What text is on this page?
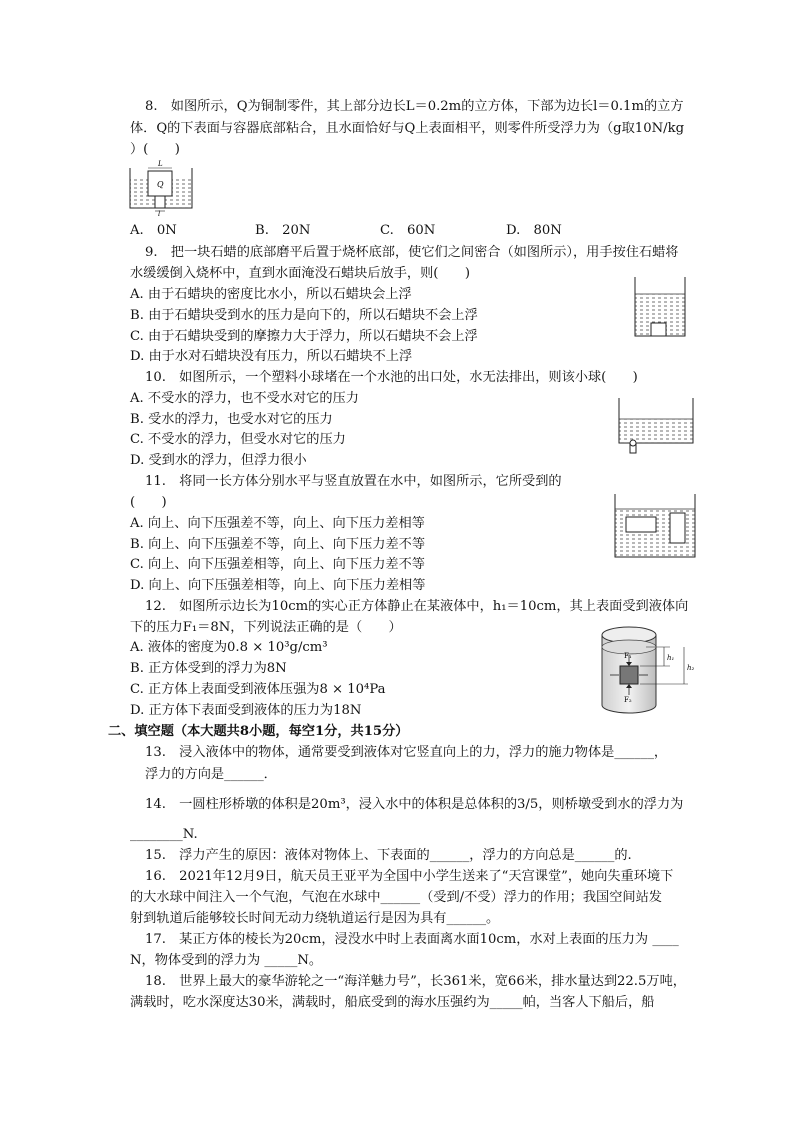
8.　如图所示，Q为铜制零件，其上部分边长L＝0.2m的立方体，下部为边长l＝0.1m的立方
体．Q的下表面与容器底部粘合，且水面恰好与Q上表面相平，则零件所受浮力为（g取10N/kg
）(　　)
Q
L
l
A.　0N	B.　20N	C.　60N	D.　80N
9.　把一块石蜡的底部磨平后置于烧杯底部，使它们之间密合（如图所示），用手按住石蜡将
水缓缓倒入烧杯中，直到水面淹没石蜡块后放手，则(　　)
A. 由于石蜡块的密度比水小，所以石蜡块会上浮
B. 由于石蜡块受到水的压力是向下的，所以石蜡块不会上浮
C. 由于石蜡块受到的摩擦力大于浮力，所以石蜡块不会上浮
D. 由于水对石蜡块没有压力，所以石蜡块不上浮
10.　如图所示，一个塑料小球堵在一个水池的出口处，水无法排出，则该小球(　　)
A. 不受水的浮力，也不受水对它的压力
B. 受水的浮力，也受水对它的压力
C. 不受水的浮力，但受水对它的压力
D. 受到水的浮力，但浮力很小
11.　将同一长方体分别水平与竖直放置在水中，如图所示，它所受到的
(　　)
A. 向上、向下压强差不等，向上、向下压力差相等
B. 向上、向下压强差不等，向上、向下压力差不等
C. 向上、向下压强差相等，向上、向下压力差不等
D. 向上、向下压强差相等，向上、向下压力差相等
12.　如图所示边长为10cm的实心正方体静止在某液体中，h₁＝10cm，其上表面受到液体向
下的压力F₁＝8N，下列说法正确的是（　　）
A. 液体的密度为0.8 × 10³g/cm³
B. 正方体受到的浮力为8N
C. 正方体上表面受到液体压强为8 × 10⁴Pa
D. 正方体下表面受到液体的压力为18N
F₁
F₂
h₁
h₂
二、填空题（本大题共8小题，每空1分，共15分）
13.　浸入液体中的物体，通常要受到液体对它竖直向上的力，浮力的施力物体是______，
浮力的方向是______．
14.　一圆柱形桥墩的体积是20m³，浸入水中的体积是总体积的3/5，则桥墩受到水的浮力为
________N.
15.　浮力产生的原因：液体对物体上、下表面的______，浮力的方向总是______的.
16.　2021年12月9日，航天员王亚平为全国中小学生送来了“天宫课堂”，她向失重环境下
的大水球中间注入一个气泡，气泡在水球中______（受到/不受）浮力的作用；我国空间站发
射到轨道后能够较长时间无动力绕轨道运行是因为具有______。
17.　某正方体的棱长为20cm，浸没水中时上表面离水面10cm，水对上表面的压力为 ____
N，物体受到的浮力为 _____N。
18.　世界上最大的豪华游轮之一“海洋魅力号”，长361米，宽66米，排水量达到22.5万吨，
满载时，吃水深度达30米，满载时，船底受到的海水压强约为_____帕，当客人下船后，船
